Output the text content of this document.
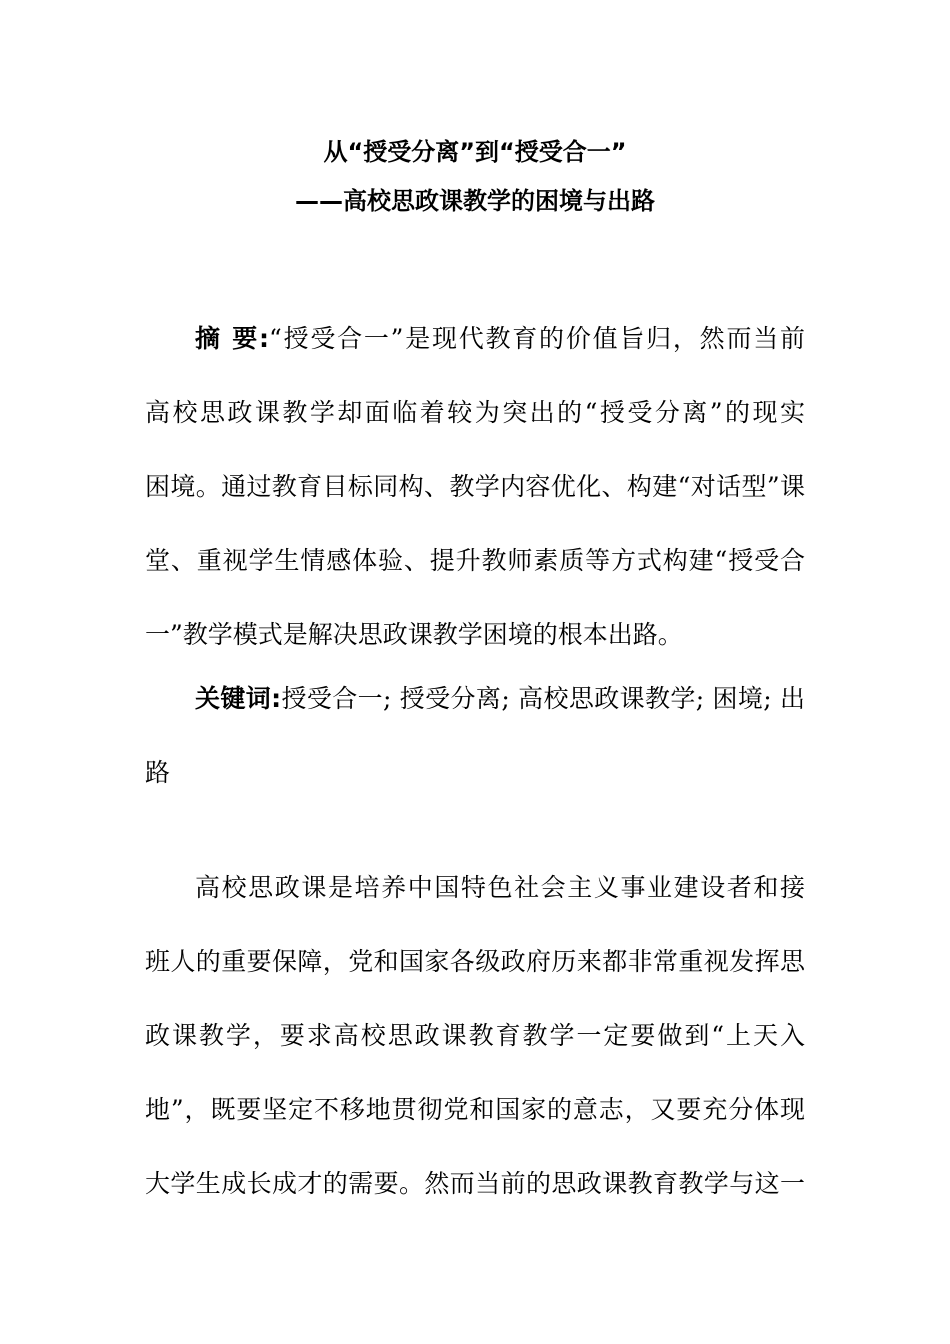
从“授受分离”到“授受合一”
——高校思政课教学的困境与出路
摘 要:“授受合一”是现代教育的价值旨归，然而当前
高校思政课教学却面临着较为突出的“授受分离”的现实
困境。通过教育目标同构、教学内容优化、构建“对话型”课
堂、重视学生情感体验、提升教师素质等方式构建“授受合
一”教学模式是解决思政课教学困境的根本出路。
关键词:授受合一; 授受分离; 高校思政课教学; 困境; 出
路
高校思政课是培养中国特色社会主义事业建设者和接
班人的重要保障，党和国家各级政府历来都非常重视发挥思
政课教学，要求高校思政课教育教学一定要做到“上天入
地”，既要坚定不移地贯彻党和国家的意志，又要充分体现
大学生成长成才的需要。然而当前的思政课教育教学与这一
